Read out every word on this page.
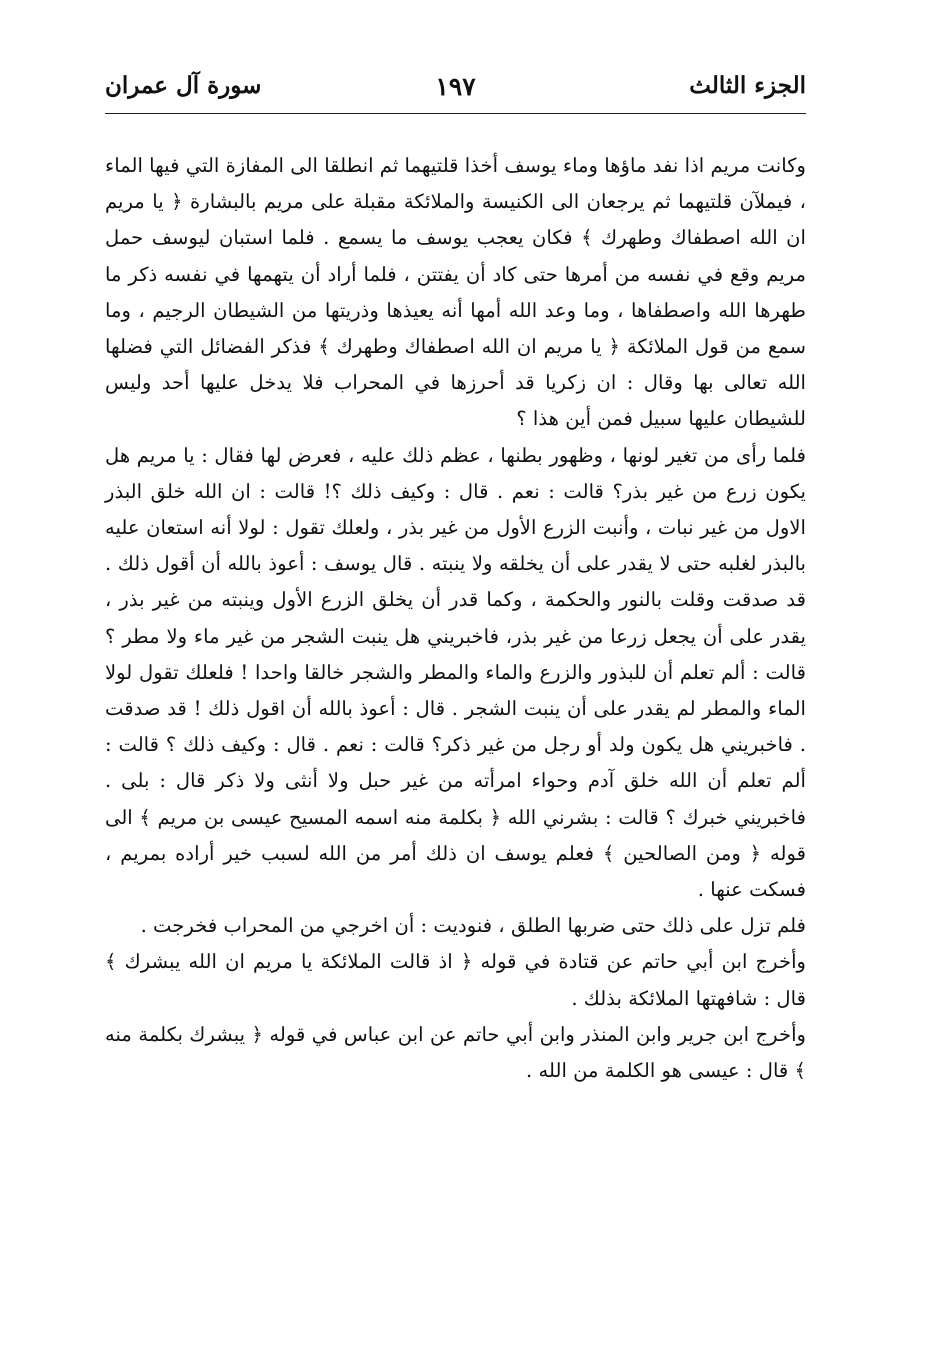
الجزء الثالث
١٩٧
سورة آل عمران

وكانت مريم اذا نفد ماؤها وماء يوسف أخذا قلتيهما ثم انطلقا الى المفازة التي فيها الماء ، فيملآن قلتيهما ثم يرجعان الى الكنيسة والملائكة مقبلة على مريم بالبشارة ﴿ يا مريم ان الله اصطفاك وطهرك ﴾ فكان يعجب يوسف ما يسمع . فلما استبان ليوسف حمل مريم وقع في نفسه من أمرها حتى كاد أن يفتتن ، فلما أراد أن يتهمها في نفسه ذكر ما طهرها الله واصطفاها ، وما وعد الله أمها أنه يعيذها وذريتها من الشيطان الرجيم ، وما سمع من قول الملائكة ﴿ يا مريم ان الله اصطفاك وطهرك ﴾ فذكر الفضائل التي فضلها الله تعالى بها وقال : ان زكريا قد أحرزها في المحراب فلا يدخل عليها أحد وليس للشيطان عليها سبيل فمن أين هذا ؟

فلما رأى من تغير لونها ، وظهور بطنها ، عظم ذلك عليه ، فعرض لها فقال : يا مريم هل يكون زرع من غير بذر؟ قالت : نعم . قال : وكيف ذلك ؟! قالت : ان الله خلق البذر الاول من غير نبات ، وأنبت الزرع الأول من غير بذر ، ولعلك تقول : لولا أنه استعان عليه بالبذر لغلبه حتى لا يقدر على أن يخلقه ولا ينبته . قال يوسف : أعوذ بالله أن أقول ذلك . قد صدقت وقلت بالنور والحكمة ، وكما قدر أن يخلق الزرع الأول وينبته من غير بذر ، يقدر على أن يجعل زرعا من غير بذر، فاخبريني هل ينبت الشجر من غير ماء ولا مطر ؟ قالت : ألم تعلم أن للبذور والزرع والماء والمطر والشجر خالقا واحدا ! فلعلك تقول لولا الماء والمطر لم يقدر على أن ينبت الشجر . قال : أعوذ بالله أن اقول ذلك ! قد صدقت . فاخبريني هل يكون ولد أو رجل من غير ذكر؟ قالت : نعم . قال : وكيف ذلك ؟ قالت : ألم تعلم أن الله خلق آدم وحواء امرأته من غير حبل ولا أنثى ولا ذكر قال : بلى . فاخبريني خبرك ؟ قالت : بشرني الله ﴿ بكلمة منه اسمه المسيح عيسى بن مريم ﴾ الى قوله ﴿ ومن الصالحين ﴾ فعلم يوسف ان ذلك أمر من الله لسبب خير أراده بمريم ، فسكت عنها .

فلم تزل على ذلك حتى ضربها الطلق ، فنوديت : أن اخرجي من المحراب فخرجت .

وأخرج ابن أبي حاتم عن قتادة في قوله ﴿ اذ قالت الملائكة يا مريم ان الله يبشرك ﴾ قال : شافهتها الملائكة بذلك .

وأخرج ابن جرير وابن المنذر وابن أبي حاتم عن ابن عباس في قوله ﴿ يبشرك بكلمة منه ﴾ قال : عيسى هو الكلمة من الله .
